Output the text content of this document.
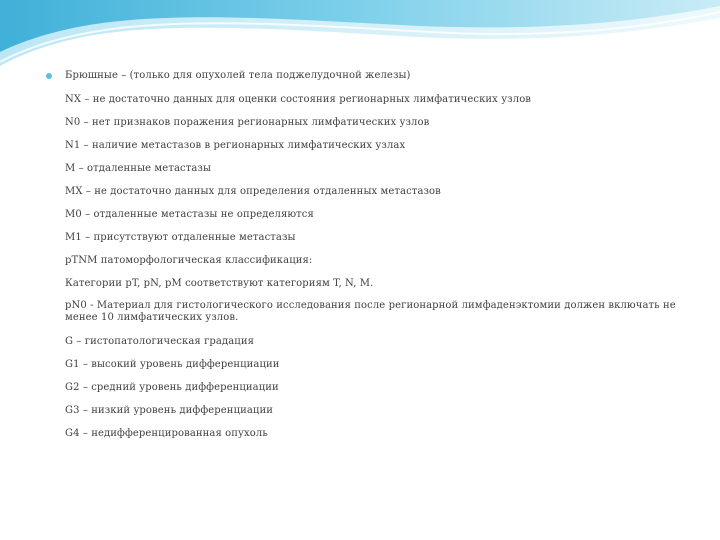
Брюшные – (только для опухолей тела поджелудочной железы)
NX – не достаточно данных для оценки состояния регионарных лимфатических узлов
N0 – нет признаков поражения регионарных лимфатических узлов
N1 – наличие метастазов в регионарных лимфатических узлах
M – отдаленные метастазы
MX – не достаточно данных для определения отдаленных метастазов
M0 – отдаленные метастазы не определяются
M1 – присутствуют отдаленные метастазы
pTNM патоморфологическая классификация:
Категории pT, pN, pM соответствуют категориям T, N, M.
pN0 - Материал для гистологического исследования после регионарной лимфаденэктомии должен включать не менее 10 лимфатических узлов.
G – гистопатологическая градация
G1 – высокий уровень дифференциации
G2 – средний уровень дифференциации
G3 – низкий уровень дифференциации
G4 – недифференцированная опухоль
